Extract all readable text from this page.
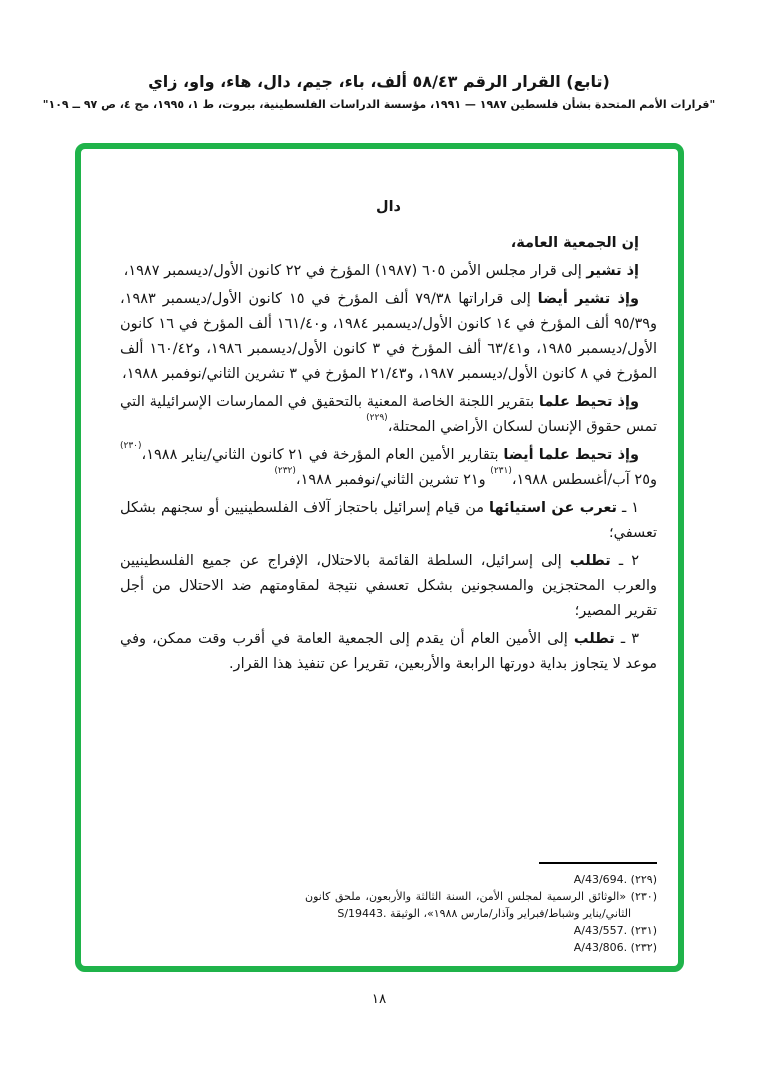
(تابع) القرار الرقم ٥٨/٤٣ ألف، باء، جيم، دال، هاء، واو، زاي
"قرارات الأمم المتحدة بشأن فلسطين ١٩٨٧ — ١٩٩١، مؤسسة الدراسات الفلسطينية، بيروت، ط ١، ١٩٩٥، مج ٤، ص ٩٧ ــ ١٠٩"
دال

إن الجمعية العامة،

إذ تشير إلى قرار مجلس الأمن ٦٠٥ (١٩٨٧) المؤرخ في ٢٢ كانون الأول/ديسمبر ١٩٨٧،

وإذ تشير أيضا إلى قراراتها ٧٩/٣٨ ألف المؤرخ في ١٥ كانون الأول/ديسمبر ١٩٨٣، و٩٥/٣٩ ألف المؤرخ في ١٤ كانون الأول/ديسمبر ١٩٨٤، و١٦١/٤٠ ألف المؤرخ في ١٦ كانون الأول/ديسمبر ١٩٨٥، و٦٣/٤١ ألف المؤرخ في ٣ كانون الأول/ديسمبر ١٩٨٦، و١٦٠/٤٢ ألف المؤرخ في ٨ كانون الأول/ديسمبر ١٩٨٧، و٢١/٤٣ المؤرخ في ٣ تشرين الثاني/نوفمبر ١٩٨٨،

وإذ تحيط علما بتقرير اللجنة الخاصة المعنية بالتحقيق في الممارسات الإسرائيلية التي تمس حقوق الإنسان لسكان الأراضي المحتلة،$^{(٢٢٩)}$

وإذ تحيط علما أيضا بتقارير الأمين العام المؤرخة في ٢١ كانون الثاني/يناير ١٩٨٨،$^{(٢٣٠)}$ و٢٥ آب/أغسطس ١٩٨٨،$^{(٢٣١)}$ و٢١ تشرين الثاني/نوفمبر ١٩٨٨،$^{(٢٣٢)}$

١ ـ تعرب عن استيائها من قيام إسرائيل باحتجاز آلاف الفلسطينيين أو سجنهم بشكل تعسفي؛

٢ ـ تطلب إلى إسرائيل، السلطة القائمة بالاحتلال، الإفراج عن جميع الفلسطينيين والعرب المحتجزين والمسجونين بشكل تعسفي نتيجة لمقاومتهم ضد الاحتلال من أجل تقرير المصير؛

٣ ـ تطلب إلى الأمين العام أن يقدم إلى الجمعية العامة في أقرب وقت ممكن، وفي موعد لا يتجاوز بداية دورتها الرابعة والأربعين، تقريرا عن تنفيذ هذا القرار.

(٢٢٩) A/43/694.

(٢٣٠) «الوثائق الرسمية لمجلس الأمن، السنة الثالثة والأربعون، ملحق كانون الثاني/يناير وشباط/فبراير وآذار/مارس ١٩٨٨»، الوثيقة S/19443.

(٢٣١) A/43/557.

(٢٣٢) A/43/806.

١٨
